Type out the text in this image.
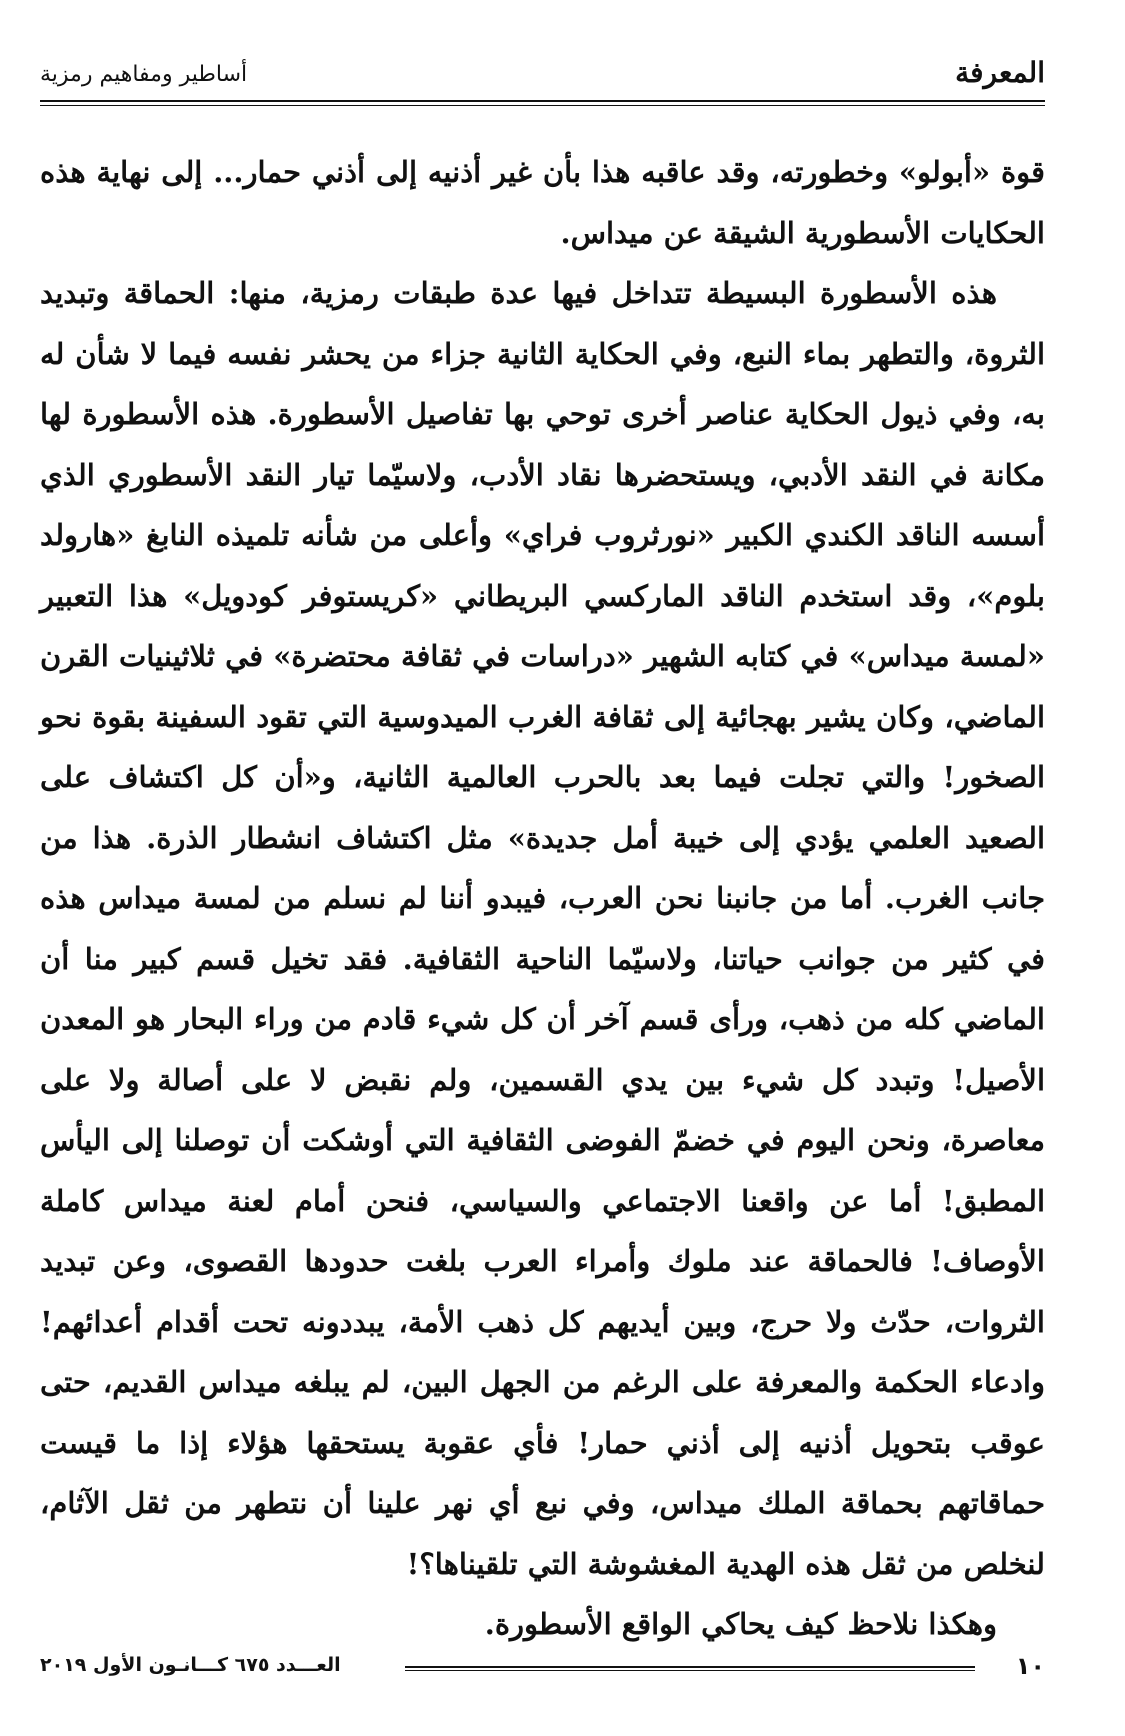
المعرفة
أساطير ومفاهيم رمزية

قوة «أبولو» وخطورته، وقد عاقبه هذا بأن غير أذنيه إلى أذني حمار... إلى نهاية هذه الحكايات الأسطورية الشيقة عن ميداس.

هذه الأسطورة البسيطة تتداخل فيها عدة طبقات رمزية، منها: الحماقة وتبديد الثروة، والتطهر بماء النبع، وفي الحكاية الثانية جزاء من يحشر نفسه فيما لا شأن له به، وفي ذيول الحكاية عناصر أخرى توحي بها تفاصيل الأسطورة. هذه الأسطورة لها مكانة في النقد الأدبي، ويستحضرها نقاد الأدب، ولاسيّما تيار النقد الأسطوري الذي أسسه الناقد الكندي الكبير «نورثروب فراي» وأعلى من شأنه تلميذه النابغ «هارولد بلوم»، وقد استخدم الناقد الماركسي البريطاني «كريستوفر كودويل» هذا التعبير «لمسة ميداس» في كتابه الشهير «دراسات في ثقافة محتضرة» في ثلاثينيات القرن الماضي، وكان يشير بهجائية إلى ثقافة الغرب الميدوسية التي تقود السفينة بقوة نحو الصخور! والتي تجلت فيما بعد بالحرب العالمية الثانية، و«أن كل اكتشاف على الصعيد العلمي يؤدي إلى خيبة أمل جديدة» مثل اكتشاف انشطار الذرة. هذا من جانب الغرب. أما من جانبنا نحن العرب، فيبدو أننا لم نسلم من لمسة ميداس هذه في كثير من جوانب حياتنا، ولاسيّما الناحية الثقافية. فقد تخيل قسم كبير منا أن الماضي كله من ذهب، ورأى قسم آخر أن كل شيء قادم من وراء البحار هو المعدن الأصيل! وتبدد كل شيء بين يدي القسمين، ولم نقبض لا على أصالة ولا على معاصرة، ونحن اليوم في خضمّ الفوضى الثقافية التي أوشكت أن توصلنا إلى اليأس المطبق! أما عن واقعنا الاجتماعي والسياسي، فنحن أمام لعنة ميداس كاملة الأوصاف! فالحماقة عند ملوك وأمراء العرب بلغت حدودها القصوى، وعن تبديد الثروات، حدّث ولا حرج، وبين أيديهم كل ذهب الأمة، يبددونه تحت أقدام أعدائهم! وادعاء الحكمة والمعرفة على الرغم من الجهل البين، لم يبلغه ميداس القديم، حتى عوقب بتحويل أذنيه إلى أذني حمار! فأي عقوبة يستحقها هؤلاء إذا ما قيست حماقاتهم بحماقة الملك ميداس، وفي نبع أي نهر علينا أن نتطهر من ثقل الآثام، لنخلص من ثقل هذه الهدية المغشوشة التي تلقيناها؟!

وهكذا نلاحظ كيف يحاكي الواقع الأسطورة.

١٠
العـــدد ٦٧٥ كـــانـون الأول ٢٠١٩
